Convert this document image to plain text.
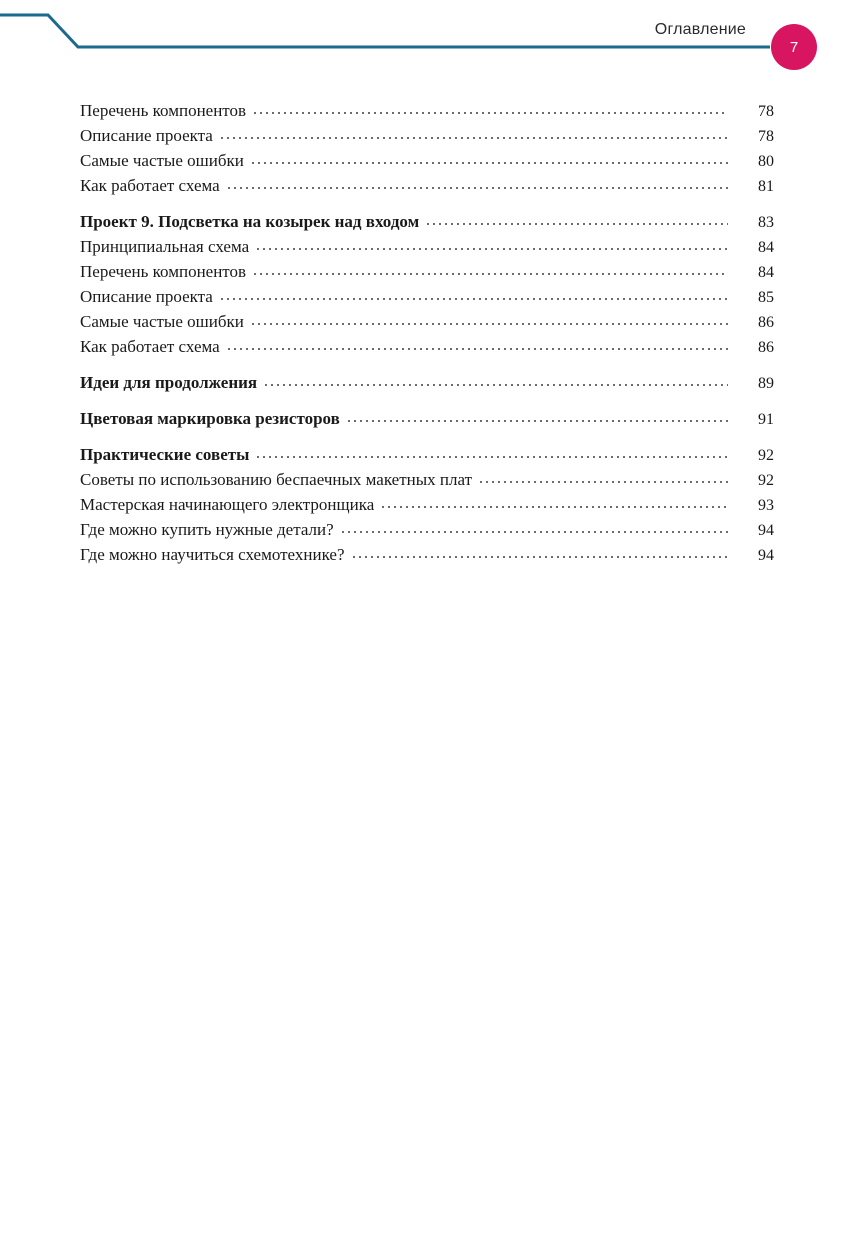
Оглавление
7
Перечень компонентов	78
Описание проекта	78
Самые частые ошибки	80
Как работает схема	81
Проект 9. Подсветка на козырек над входом	83
Принципиальная схема	84
Перечень компонентов	84
Описание проекта	85
Самые частые ошибки	86
Как работает схема	86
Идеи для продолжения	89
Цветовая маркировка резисторов	91
Практические советы	92
Советы по использованию беспаечных макетных плат	92
Мастерская начинающего электронщика	93
Где можно купить нужные детали?	94
Где можно научиться схемотехнике?	94
